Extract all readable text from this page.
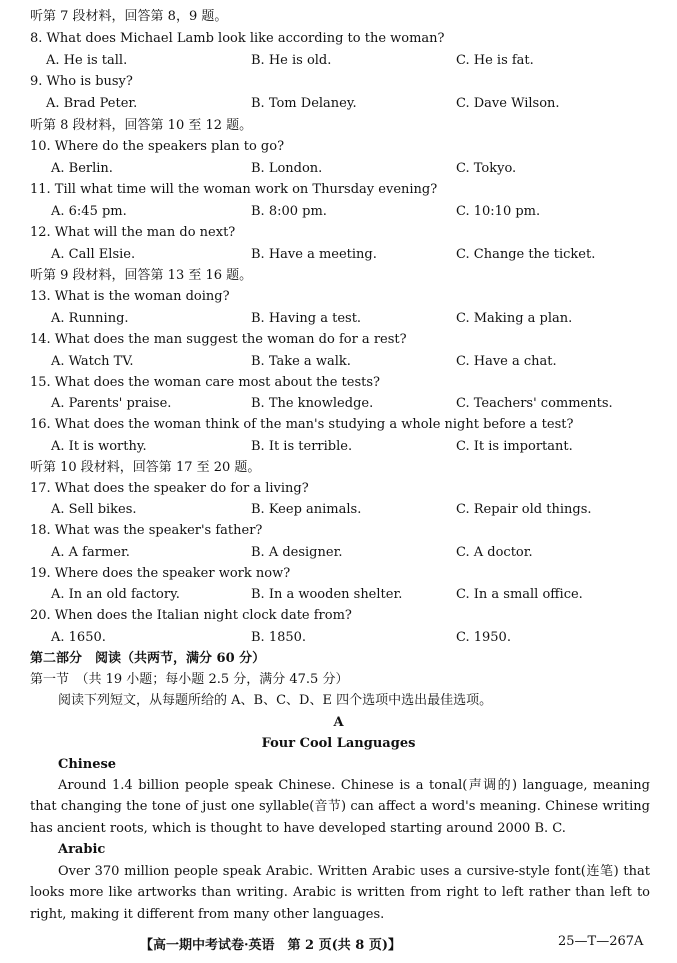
听第 7 段材料，回答第 8，9 题。
8. What does Michael Lamb look like according to the woman?
A. He is tall.	B. He is old.	C. He is fat.
9. Who is busy?
A. Brad Peter.	B. Tom Delaney.	C. Dave Wilson.
听第 8 段材料，回答第 10 至 12 题。
10. Where do the speakers plan to go?
A. Berlin.	B. London.	C. Tokyo.
11. Till what time will the woman work on Thursday evening?
A. 6:45 pm.	B. 8:00 pm.	C. 10:10 pm.
12. What will the man do next?
A. Call Elsie.	B. Have a meeting.	C. Change the ticket.
听第 9 段材料，回答第 13 至 16 题。
13. What is the woman doing?
A. Running.	B. Having a test.	C. Making a plan.
14. What does the man suggest the woman do for a rest?
A. Watch TV.	B. Take a walk.	C. Have a chat.
15. What does the woman care most about the tests?
A. Parents' praise.	B. The knowledge.	C. Teachers' comments.
16. What does the woman think of the man's studying a whole night before a test?
A. It is worthy.	B. It is terrible.	C. It is important.
听第 10 段材料，回答第 17 至 20 题。
17. What does the speaker do for a living?
A. Sell bikes.	B. Keep animals.	C. Repair old things.
18. What was the speaker's father?
A. A farmer.	B. A designer.	C. A doctor.
19. Where does the speaker work now?
A. In an old factory.	B. In a wooden shelter.	C. In a small office.
20. When does the Italian night clock date from?
A. 1650.	B. 1850.	C. 1950.
第二部分　阅读（共两节，满分 60 分）
第一节　（共 19 小题；每小题 2.5 分，满分 47.5 分）
阅读下列短文，从每题所给的 A、B、C、D、E 四个选项中选出最佳选项。
A
Four Cool Languages
Chinese

Around 1.4 billion people speak Chinese. Chinese is a tonal(声调的) language, meaning that changing the tone of just one syllable(音节) can affect a word's meaning. Chinese writing has ancient roots, which is thought to have developed starting around 2000 B. C.

Arabic

Over 370 million people speak Arabic. Written Arabic uses a cursive-style font(连笔) that looks more like artworks than writing. Arabic is written from right to left rather than left to right, making it different from many other languages.

【高一期中考试卷·英语　第 2 页(共 8 页)】	25—T—267A
